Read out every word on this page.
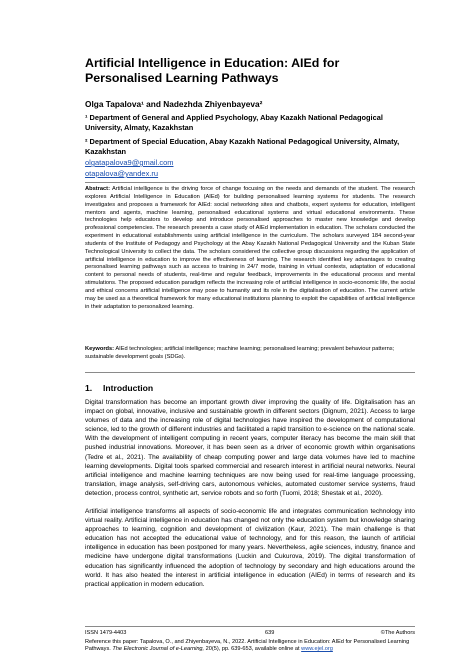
Artificial Intelligence in Education: AIEd for Personalised Learning Pathways
Olga Tapalova¹ and Nadezhda Zhiyenbayeva²
¹ Department of General and Applied Psychology, Abay Kazakh National Pedagogical University, Almaty, Kazakhstan
² Department of Special Education, Abay Kazakh National Pedagogical University, Almaty, Kazakhstan
olgatapalova9@gmail.com
otapalova@yandex.ru
Abstract: Artificial intelligence is the driving force of change focusing on the needs and demands of the student. The research explores Artificial Intelligence in Education (AIEd) for building personalised learning systems for students. The research investigates and proposes a framework for AIEd: social networking sites and chatbots, expert systems for education, intelligent mentors and agents, machine learning, personalised educational systems and virtual educational environments. These technologies help educators to develop and introduce personalised approaches to master new knowledge and develop professional competencies. The research presents a case study of AIEd implementation in education. The scholars conducted the experiment in educational establishments using artificial intelligence in the curriculum. The scholars surveyed 184 second-year students of the Institute of Pedagogy and Psychology at the Abay Kazakh National Pedagogical University and the Kuban State Technological University to collect the data. The scholars considered the collective group discussions regarding the application of artificial intelligence in education to improve the effectiveness of learning. The research identified key advantages to creating personalised learning pathways such as access to training in 24/7 mode, training in virtual contexts, adaptation of educational content to personal needs of students, real-time and regular feedback, improvements in the educational process and mental stimulations. The proposed education paradigm reflects the increasing role of artificial intelligence in socio-economic life, the social and ethical concerns artificial intelligence may pose to humanity and its role in the digitalisation of education. The current article may be used as a theoretical framework for many educational institutions planning to exploit the capabilities of artificial intelligence in their adaptation to personalized learning.
Keywords: AIEd technologies; artificial intelligence; machine learning; personalised learning; prevalent behaviour patterns; sustainable development goals (SDGs).
1. Introduction
Digital transformation has become an important growth diver improving the quality of life. Digitalisation has an impact on global, innovative, inclusive and sustainable growth in different sectors (Dignum, 2021). Access to large volumes of data and the increasing role of digital technologies have inspired the development of computational science, led to the growth of different industries and facilitated a rapid transition to e-science on the national scale. With the development of intelligent computing in recent years, computer literacy has become the main skill that pushed industrial innovations. Moreover, it has been seen as a driver of economic growth within organisations (Tedre et al., 2021). The availability of cheap computing power and large data volumes have led to machine learning developments. Digital tools sparked commercial and research interest in artificial neural networks. Neural artificial intelligence and machine learning techniques are now being used for real-time language processing, translation, image analysis, self-driving cars, autonomous vehicles, automated customer service systems, fraud detection, process control, synthetic art, service robots and so forth (Tuomi, 2018; Shestak et al., 2020).
Artificial intelligence transforms all aspects of socio-economic life and integrates communication technology into virtual reality. Artificial intelligence in education has changed not only the education system but knowledge sharing approaches to learning, cognition and development of civilization (Kaur, 2021). The main challenge is that education has not accepted the educational value of technology, and for this reason, the launch of artificial intelligence in education has been postponed for many years. Nevertheless, agile sciences, industry, finance and medicine have undergone digital transformations (Luckin and Cukurova, 2019). The digital transformation of education has significantly influenced the adoption of technology by secondary and high educations around the world. It has also heated the interest in artificial intelligence in education (AIEd) in terms of research and its practical application in modern education.
ISSN 1479-4403	639	©The Authors
Reference this paper: Tapalova, O., and Zhiyenbayeva, N., 2022. Artificial Intelligence in Education: AIEd for Personalised Learning Pathways. The Electronic Journal of e-Learning, 20(5), pp. 639-653, available online at www.ejel.org
